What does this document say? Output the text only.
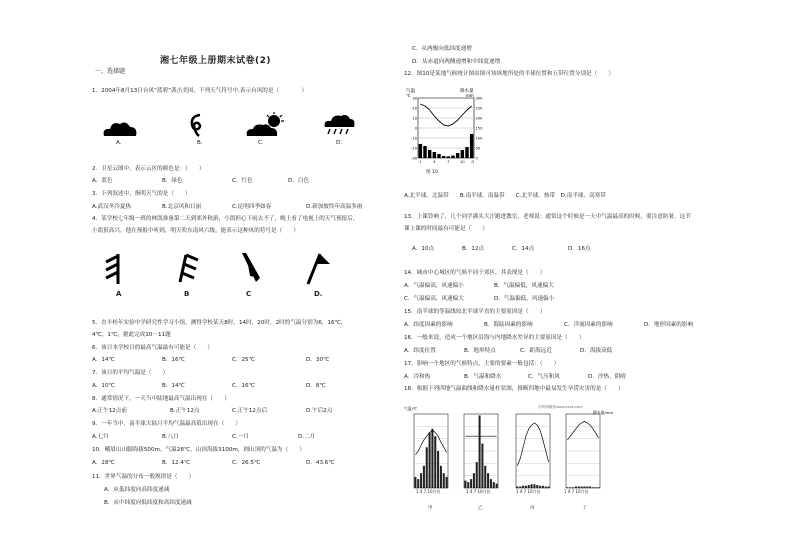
湘七年级上册期末试卷(2)
一、选择题
1．2004年8月13日台风“蓝碧”袭击美国，下列天气符号中,表示台风的是（　　　　）
A.	B.	C.	D.
2．卫星云图中，表示云区的颜色是：（　　）
A．蓝色	B．绿色	C．红色	D．白色
3．下列叙述中，指明天气的是（　　）
A.武汉冬冷夏热	B.北京风和日丽	C.昆明四季如春	D.新加坡终年高温多雨
4．某学校七年级一班的林凯准备第二天到郊外秋游，小凯担心下雨去不了，晚上看了电视上的天气预报后，
小凯很高兴，他在预报中听到，明天吹东南风六级，能表示这种风的符号是（　　）
A	B	C	D.
5．直丰桂年实验中学研究性学习小组，测得学校某天8时，14时，20时，2时的气温分别为6，16℃，
4℃，1℃，据此完成10－11题
6．该日本学校日的最高气温最有可能是（　　）
A．14℃	B．16℃	C．25℃	D．30℃
7．该日的平均气温是（　　）
A．10℃	B．14℃	C．16℃	D．8℃
8．通常情况下，一天当中陆地最高气温出现在（　　）
A.正午12点前	B.正午12点	C.正午12点后	D.午后2点
9．一年当中，南半球大陆月平均气温最高值出现在（　　）
A.七月	B.八月	C.一月	D.二月
10．峨眉山山脚海拔500m，气温28℃，山顶海拔3100m，则山顶的气温为（　　）
A．28℃	B．12.4℃	C．26.5℃	D．43.6℃
11．世界气温的分布一般规律是（　　）
A．从低纬度向高纬度递减
B．从中纬度向低纬度和高纬度递减
C．从两极向低纬度递增
D．从赤道向两侧递增和中纬度递增
12．图10是某地气候统计图由图可知该地所处的半球位置和五带位置分别是（　　）
气温
℃
降水量
mm
30
20
10
0
-10
-20
-30
300
250
200
150
100
50
0
1	4	7	10 月
图 10
A.北半球、北温带　　B.南半球、南温带　　C.北半球、热带　D.南半球、高寒带
13．上课铃响了，几个同学满头大汗跑进教室，老师说：通常这个时候是一天中气温最高的时候，要注意防暑，这节
课上课的时间最有可能是（　　）
A．10点	B．12点	C．14点	D．16点
14．城市中心城区的气候不同于郊区，其表现是（　　）
A．气温偏高，风速偏小	B．气温偏低，风速偏大
C．气温偏高，风速偏大	D．气温偏低，风速偏小
15．南半球的等温线较北半球平直的主要原因是（　　）
A．纬度因素的影响	B．海陆因素的影响	C．洋流因素的影响	D．地形因素的影响
16．一般来说，造成一个地区沿海与内地降水差异的主要原因是（　　）
A．纬度位置	B．地形特点	C．距海远近	D．海拔高低
17．影响一个地区的气候特点，主要的要素一般包括：（　　）
A．冷和热	B．气温和降水	C．气压和风	D．沙热，阴晴
18．根据下列四地气温曲线和降水量柱状图，推断四地中最易发生旱涝灾害的是（　　）
气温/℃	学科网精校www.zxxk.com
降水量/mm
1 4 7 10月份	1 4 7 10月份	1 4 7 10月份	1 4 7 10月份
甲	乙	丙	丁
